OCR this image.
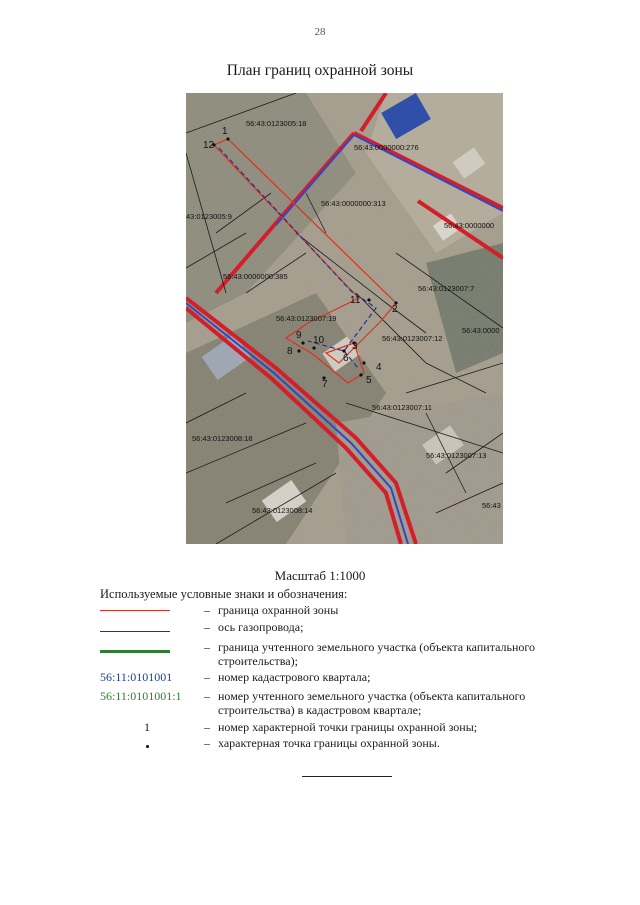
28
План границ охранной зоны
56:43:0123005:18
56:43:0000000:276
43:0123005:9
56:43:0000000:313
56:43:0000000
56:43:0000000:385
56:43:0123007:7
56:43:0123007:19
56:43:0000
56:43:0123007:12
56:43:0123007:11
56:43:0123008:18
56:43:0123007:13
56:43
56:43:0123008:14
1
2
3
4
5
6
7
8
9 10
11
12
Масштаб 1:1000
Используемые условные знаки и обозначения:
– граница охранной зоны
– ось газопровода;
– граница учтенного земельного участка (объекта капитального строительства);
56:11:0101001	– номер кадастрового квартала;
56:11:0101001:1	– номер учтенного земельного участка (объекта капитального строительства) в кадастровом квартале;
1	– номер характерной точки границы охранной зоны;
– характерная точка границы охранной зоны.
